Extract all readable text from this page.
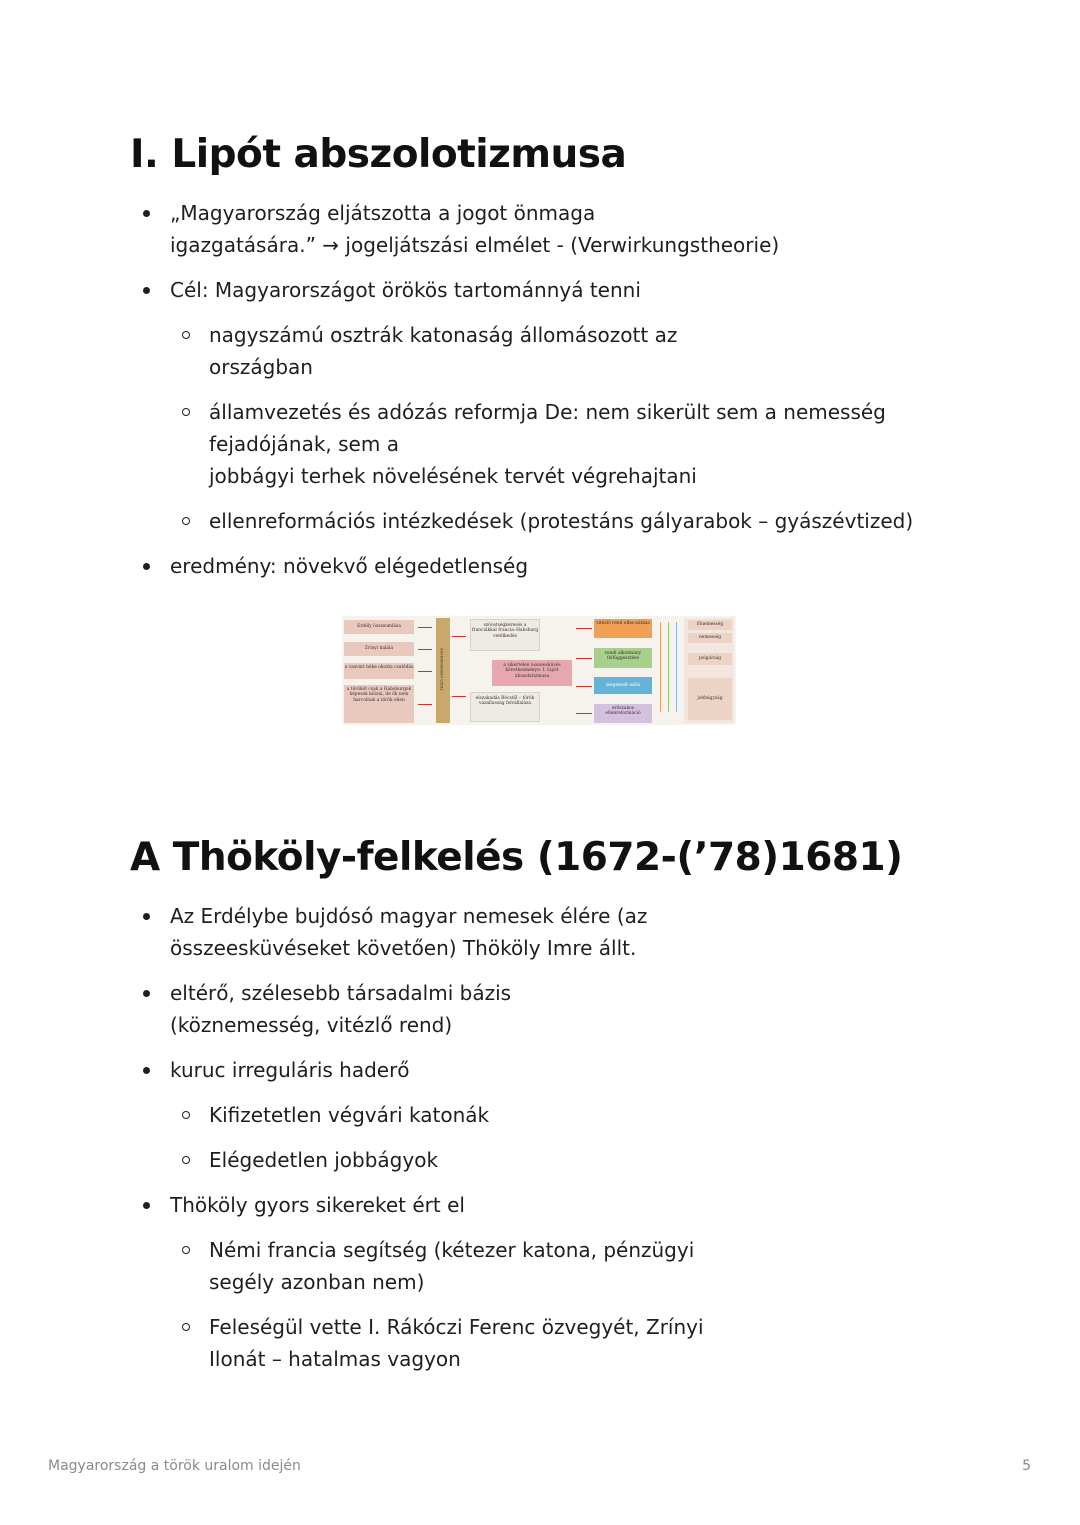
I. Lipót abszolotizmusa
„Magyarország eljátszotta a jogot önmaga
igazgatására.” → jogeljátszási elmélet - (Verwirkungstheorie)
Cél: Magyarországot örökös tartománnyá tenni
nagyszámú osztrák katonaság állomásozott az
országban
államvezetés és adózás reformja De: nem sikerült sem a nemesség
fejadójának, sem a
jobbágyi terhek növelésének tervét végrehajtani
ellenreformációs intézkedések (protestáns gályarabok – gyászévtized)
eredmény: növekvő elégedetlenség
Erdély összeomlása
Zrínyi halála
a vasvári béke okozta csalódás
a törököt csak a Habsburgok képesek kiűzni, de ők nem harcolnak a török ellen
főúri összeesküvés
szövetségkeresés a franciákkal francia–Habsburg vetélkedés
a sikertelen összeesküvés következménye: I. Lipót abszolutizmusa
elszakadás Bécstől – török vazallusság felvállalása
vitézlő rend elbocsátása
rendi alkotmány felfüggesztése
megemelt adók
erőszakos ellenreformáció
főnemesség
nemesség
polgárság
jobbágyság
A Thököly-felkelés (1672-(’78)1681)
Az Erdélybe bujdósó magyar nemesek élére (az
összeesküvéseket követően) Thököly Imre állt.
eltérő, szélesebb társadalmi bázis
(köznemesség, vitézlő rend)
kuruc irreguláris haderő
Kifizetetlen végvári katonák
Elégedetlen jobbágyok
Thököly gyors sikereket ért el
Némi francia segítség (kétezer katona, pénzügyi
segély azonban nem)
Feleségül vette I. Rákóczi Ferenc özvegyét, Zrínyi
Ilonát – hatalmas vagyon
Magyarország a török uralom idején	5
